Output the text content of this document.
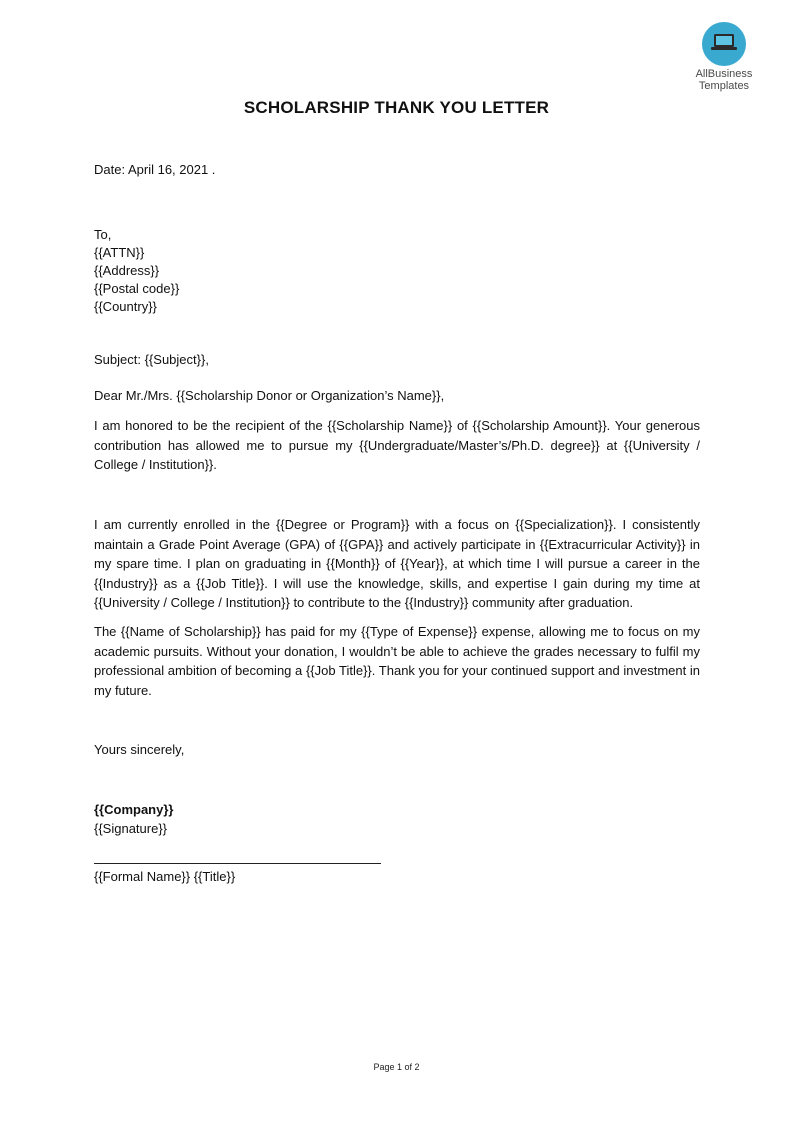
AllBusiness
Templates
SCHOLARSHIP THANK YOU LETTER
Date: April 16, 2021 .
To,
{{ATTN}}
{{Address}}
{{Postal code}}
{{Country}}
Subject: {{Subject}},
Dear Mr./Mrs. {{Scholarship Donor or Organization’s Name}},
I am honored to be the recipient of the {{Scholarship Name}} of {{Scholarship Amount}}. Your generous contribution has allowed me to pursue my {{Undergraduate/Master’s/Ph.D. degree}} at {{University / College / Institution}}.
I am currently enrolled in the {{Degree or Program}} with a focus on {{Specialization}}. I consistently maintain a Grade Point Average (GPA) of {{GPA}} and actively participate in {{Extracurricular Activity}} in my spare time. I plan on graduating in {{Month}} of {{Year}}, at which time I will pursue a career in the {{Industry}} as a {{Job Title}}. I will use the knowledge, skills, and expertise I gain during my time at {{University / College / Institution}} to contribute to the {{Industry}} community after graduation.
The {{Name of Scholarship}} has paid for my {{Type of Expense}} expense, allowing me to focus on my academic pursuits. Without your donation, I wouldn’t be able to achieve the grades necessary to fulfil my professional ambition of becoming a {{Job Title}}. Thank you for your continued support and investment in my future.
Yours sincerely,
{{Company}}
{{Signature}}
{{Formal Name}} {{Title}}
Page 1 of 2
